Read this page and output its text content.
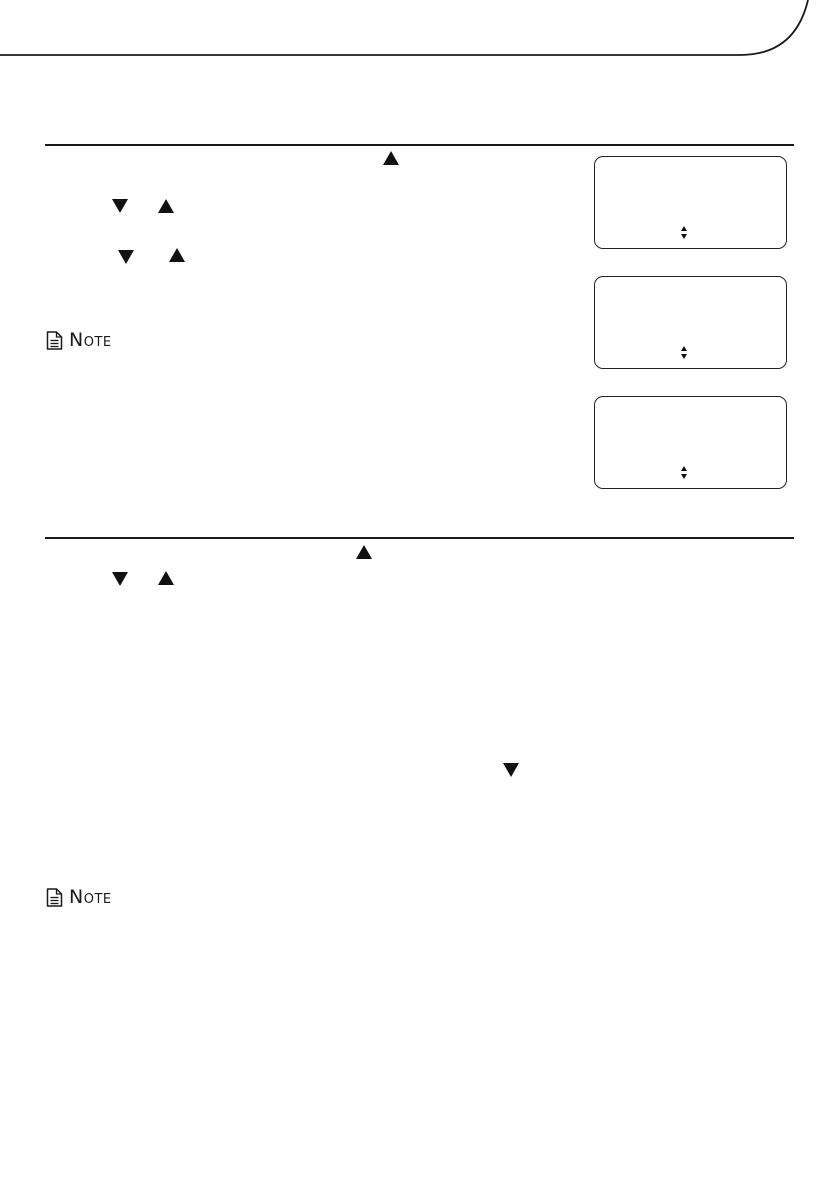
Note
Note
